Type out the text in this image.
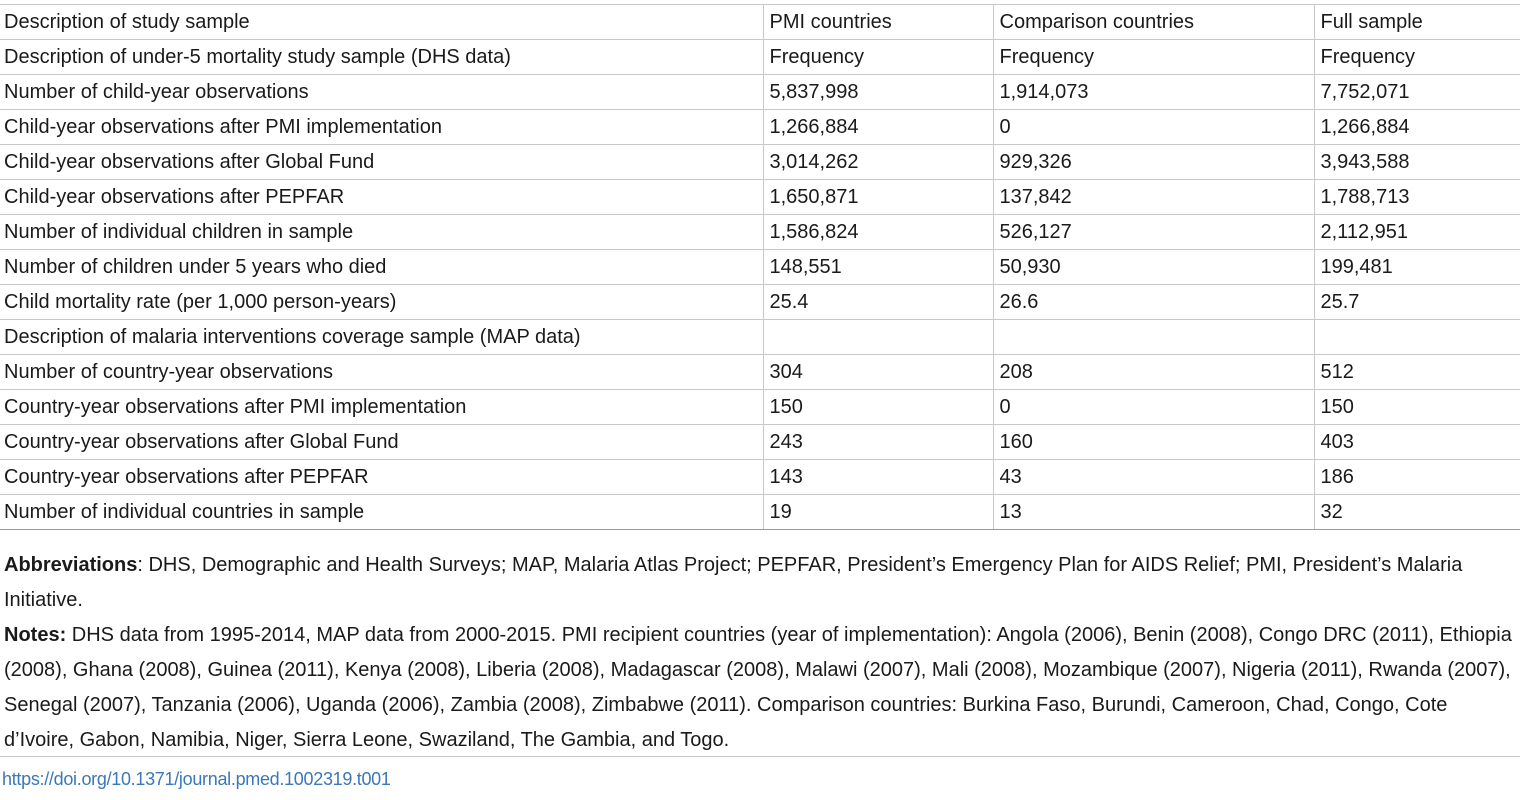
Description of study sample	PMI countries	Comparison countries	Full sample
Description of under-5 mortality study sample (DHS data)	Frequency	Frequency	Frequency
Number of child-year observations	5,837,998	1,914,073	7,752,071
Child-year observations after PMI implementation	1,266,884	0	1,266,884
Child-year observations after Global Fund	3,014,262	929,326	3,943,588
Child-year observations after PEPFAR	1,650,871	137,842	1,788,713
Number of individual children in sample	1,586,824	526,127	2,112,951
Number of children under 5 years who died	148,551	50,930	199,481
Child mortality rate (per 1,000 person-years)	25.4	26.6	25.7
Description of malaria interventions coverage sample (MAP data)			
Number of country-year observations	304	208	512
Country-year observations after PMI implementation	150	0	150
Country-year observations after Global Fund	243	160	403
Country-year observations after PEPFAR	143	43	186
Number of individual countries in sample	19	13	32

Abbreviations: DHS, Demographic and Health Surveys; MAP, Malaria Atlas Project; PEPFAR, President’s Emergency Plan for AIDS Relief; PMI, President’s Malaria Initiative.

Notes: DHS data from 1995-2014, MAP data from 2000-2015. PMI recipient countries (year of implementation): Angola (2006), Benin (2008), Congo DRC (2011), Ethiopia (2008), Ghana (2008), Guinea (2011), Kenya (2008), Liberia (2008), Madagascar (2008), Malawi (2007), Mali (2008), Mozambique (2007), Nigeria (2011), Rwanda (2007), Senegal (2007), Tanzania (2006), Uganda (2006), Zambia (2008), Zimbabwe (2011). Comparison countries: Burkina Faso, Burundi, Cameroon, Chad, Congo, Cote d’Ivoire, Gabon, Namibia, Niger, Sierra Leone, Swaziland, The Gambia, and Togo.

https://doi.org/10.1371/journal.pmed.1002319.t001
